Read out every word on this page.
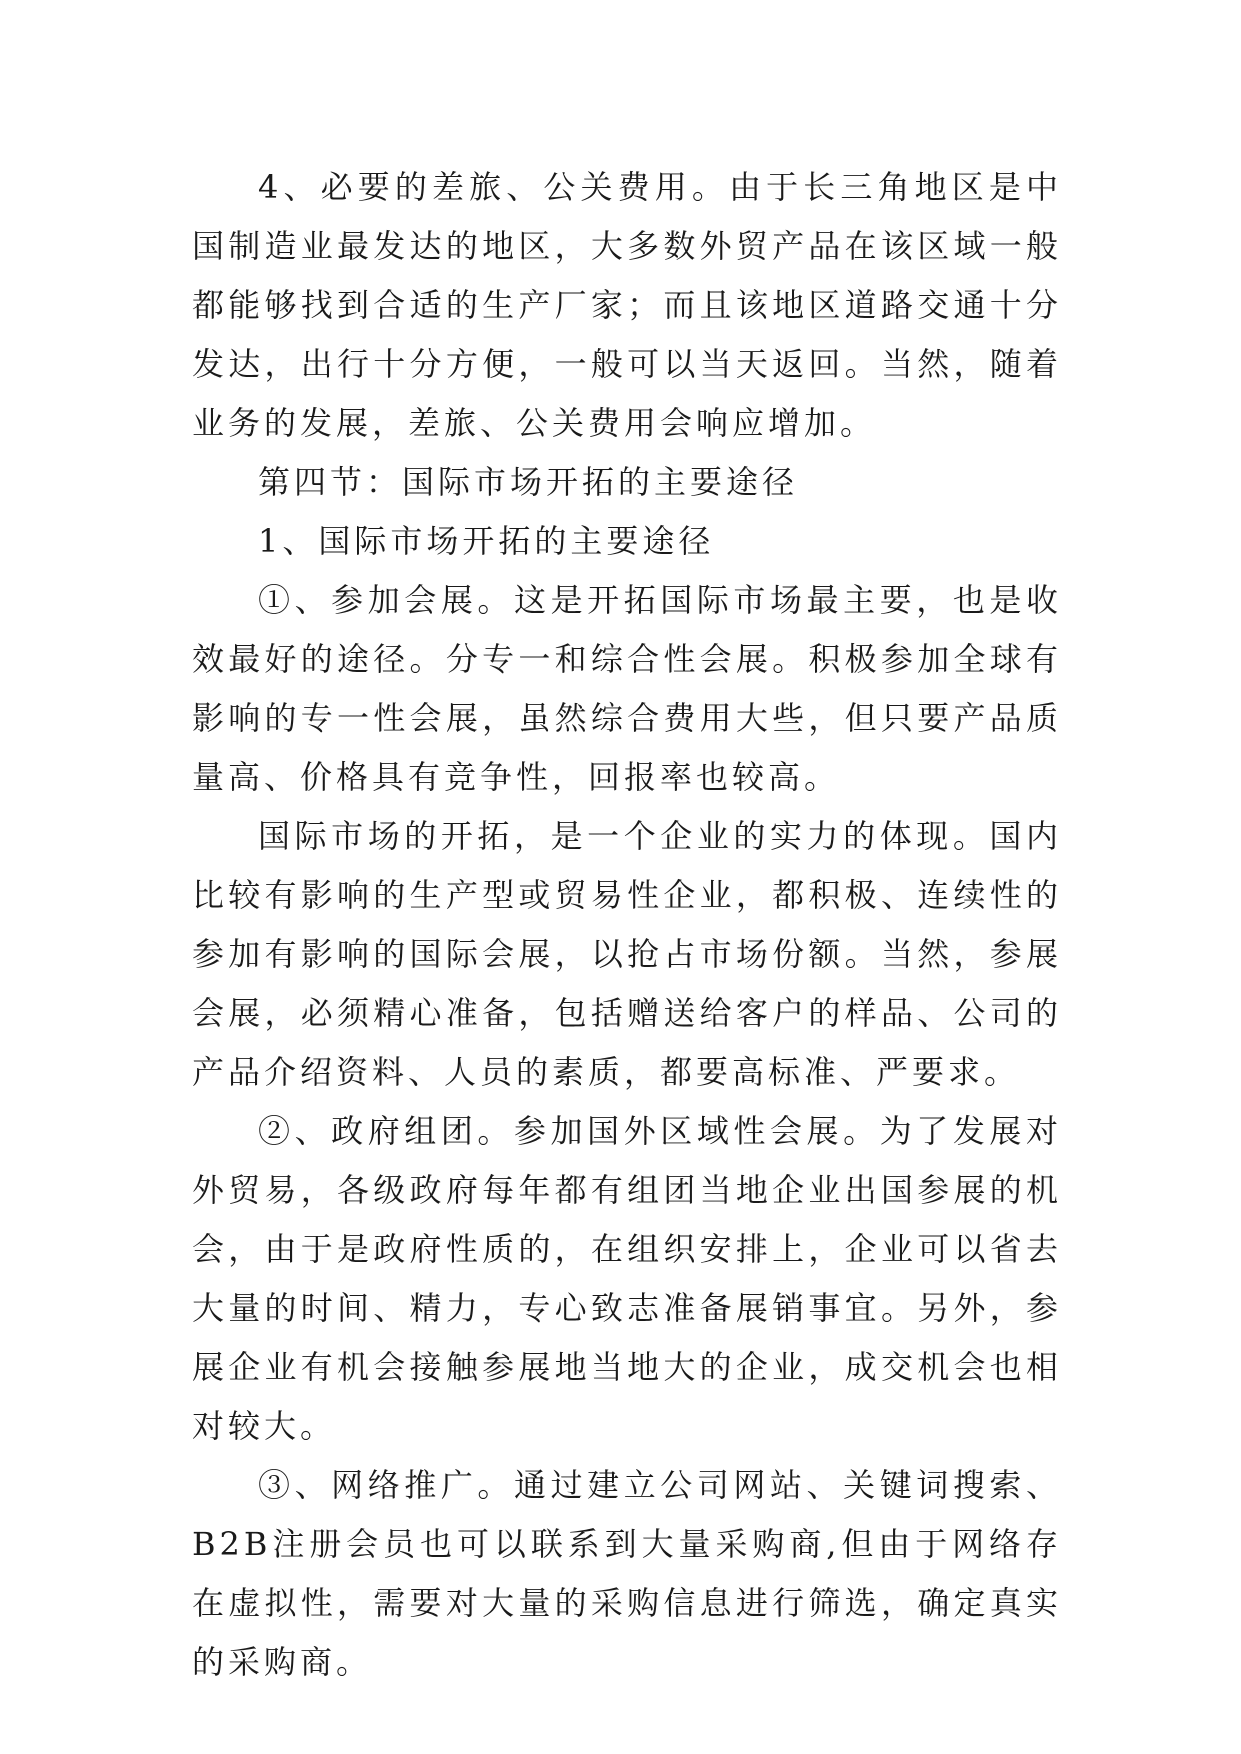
4、必要的差旅、公关费用。由于长三角地区是中国制造业最发达的地区，大多数外贸产品在该区域一般都能够找到合适的生产厂家；而且该地区道路交通十分发达，出行十分方便，一般可以当天返回。当然，随着业务的发展，差旅、公关费用会响应增加。

第四节：国际市场开拓的主要途径

1、国际市场开拓的主要途径

①、参加会展。这是开拓国际市场最主要，也是收效最好的途径。分专一和综合性会展。积极参加全球有影响的专一性会展，虽然综合费用大些，但只要产品质量高、价格具有竞争性，回报率也较高。

国际市场的开拓，是一个企业的实力的体现。国内比较有影响的生产型或贸易性企业，都积极、连续性的参加有影响的国际会展，以抢占市场份额。当然，参展会展，必须精心准备，包括赠送给客户的样品、公司的产品介绍资料、人员的素质，都要高标准、严要求。

②、政府组团。参加国外区域性会展。为了发展对外贸易，各级政府每年都有组团当地企业出国参展的机会，由于是政府性质的，在组织安排上，企业可以省去大量的时间、精力，专心致志准备展销事宜。另外，参展企业有机会接触参展地当地大的企业，成交机会也相对较大。

③、网络推广。通过建立公司网站、关键词搜索、B2B注册会员也可以联系到大量采购商,但由于网络存在虚拟性，需要对大量的采购信息进行筛选，确定真实的采购商。
